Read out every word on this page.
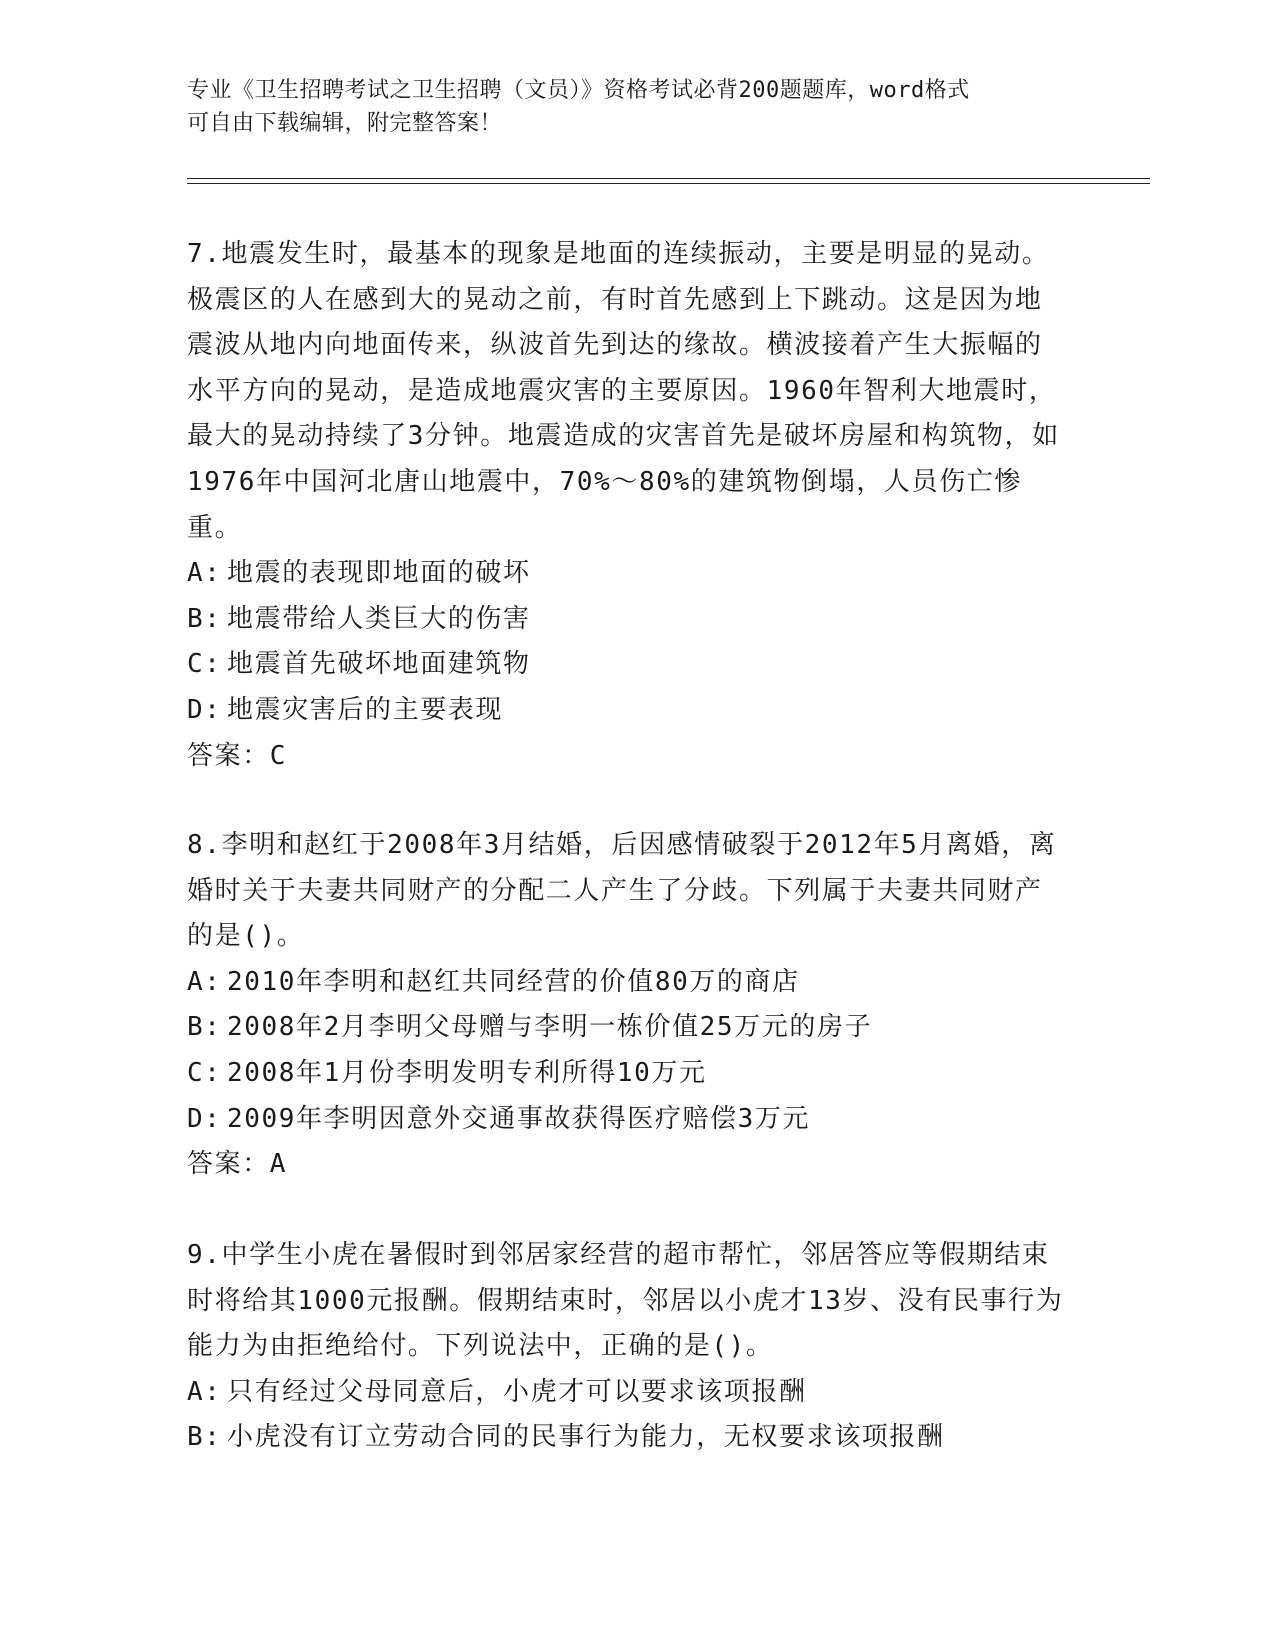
专业《卫生招聘考试之卫生招聘（文员）》资格考试必背200题题库，word格式
可自由下载编辑，附完整答案！

7.地震发生时，最基本的现象是地面的连续振动，主要是明显的晃动。极震区的人在感到大的晃动之前，有时首先感到上下跳动。这是因为地震波从地内向地面传来，纵波首先到达的缘故。横波接着产生大振幅的水平方向的晃动，是造成地震灾害的主要原因。1960年智利大地震时，最大的晃动持续了3分钟。地震造成的灾害首先是破坏房屋和构筑物，如1976年中国河北唐山地震中，70%～80%的建筑物倒塌，人员伤亡惨重。

A: 地震的表现即地面的破坏

B: 地震带给人类巨大的伤害

C: 地震首先破坏地面建筑物

D: 地震灾害后的主要表现

答案：C

8.李明和赵红于2008年3月结婚，后因感情破裂于2012年5月离婚，离婚时关于夫妻共同财产的分配二人产生了分歧。下列属于夫妻共同财产的是()。

A: 2010年李明和赵红共同经营的价值80万的商店

B: 2008年2月李明父母赠与李明一栋价值25万元的房子

C: 2008年1月份李明发明专利所得10万元

D: 2009年李明因意外交通事故获得医疗赔偿3万元

答案：A

9.中学生小虎在暑假时到邻居家经营的超市帮忙，邻居答应等假期结束时将给其1000元报酬。假期结束时，邻居以小虎才13岁、没有民事行为能力为由拒绝给付。下列说法中，正确的是()。

A: 只有经过父母同意后，小虎才可以要求该项报酬

B: 小虎没有订立劳动合同的民事行为能力，无权要求该项报酬
